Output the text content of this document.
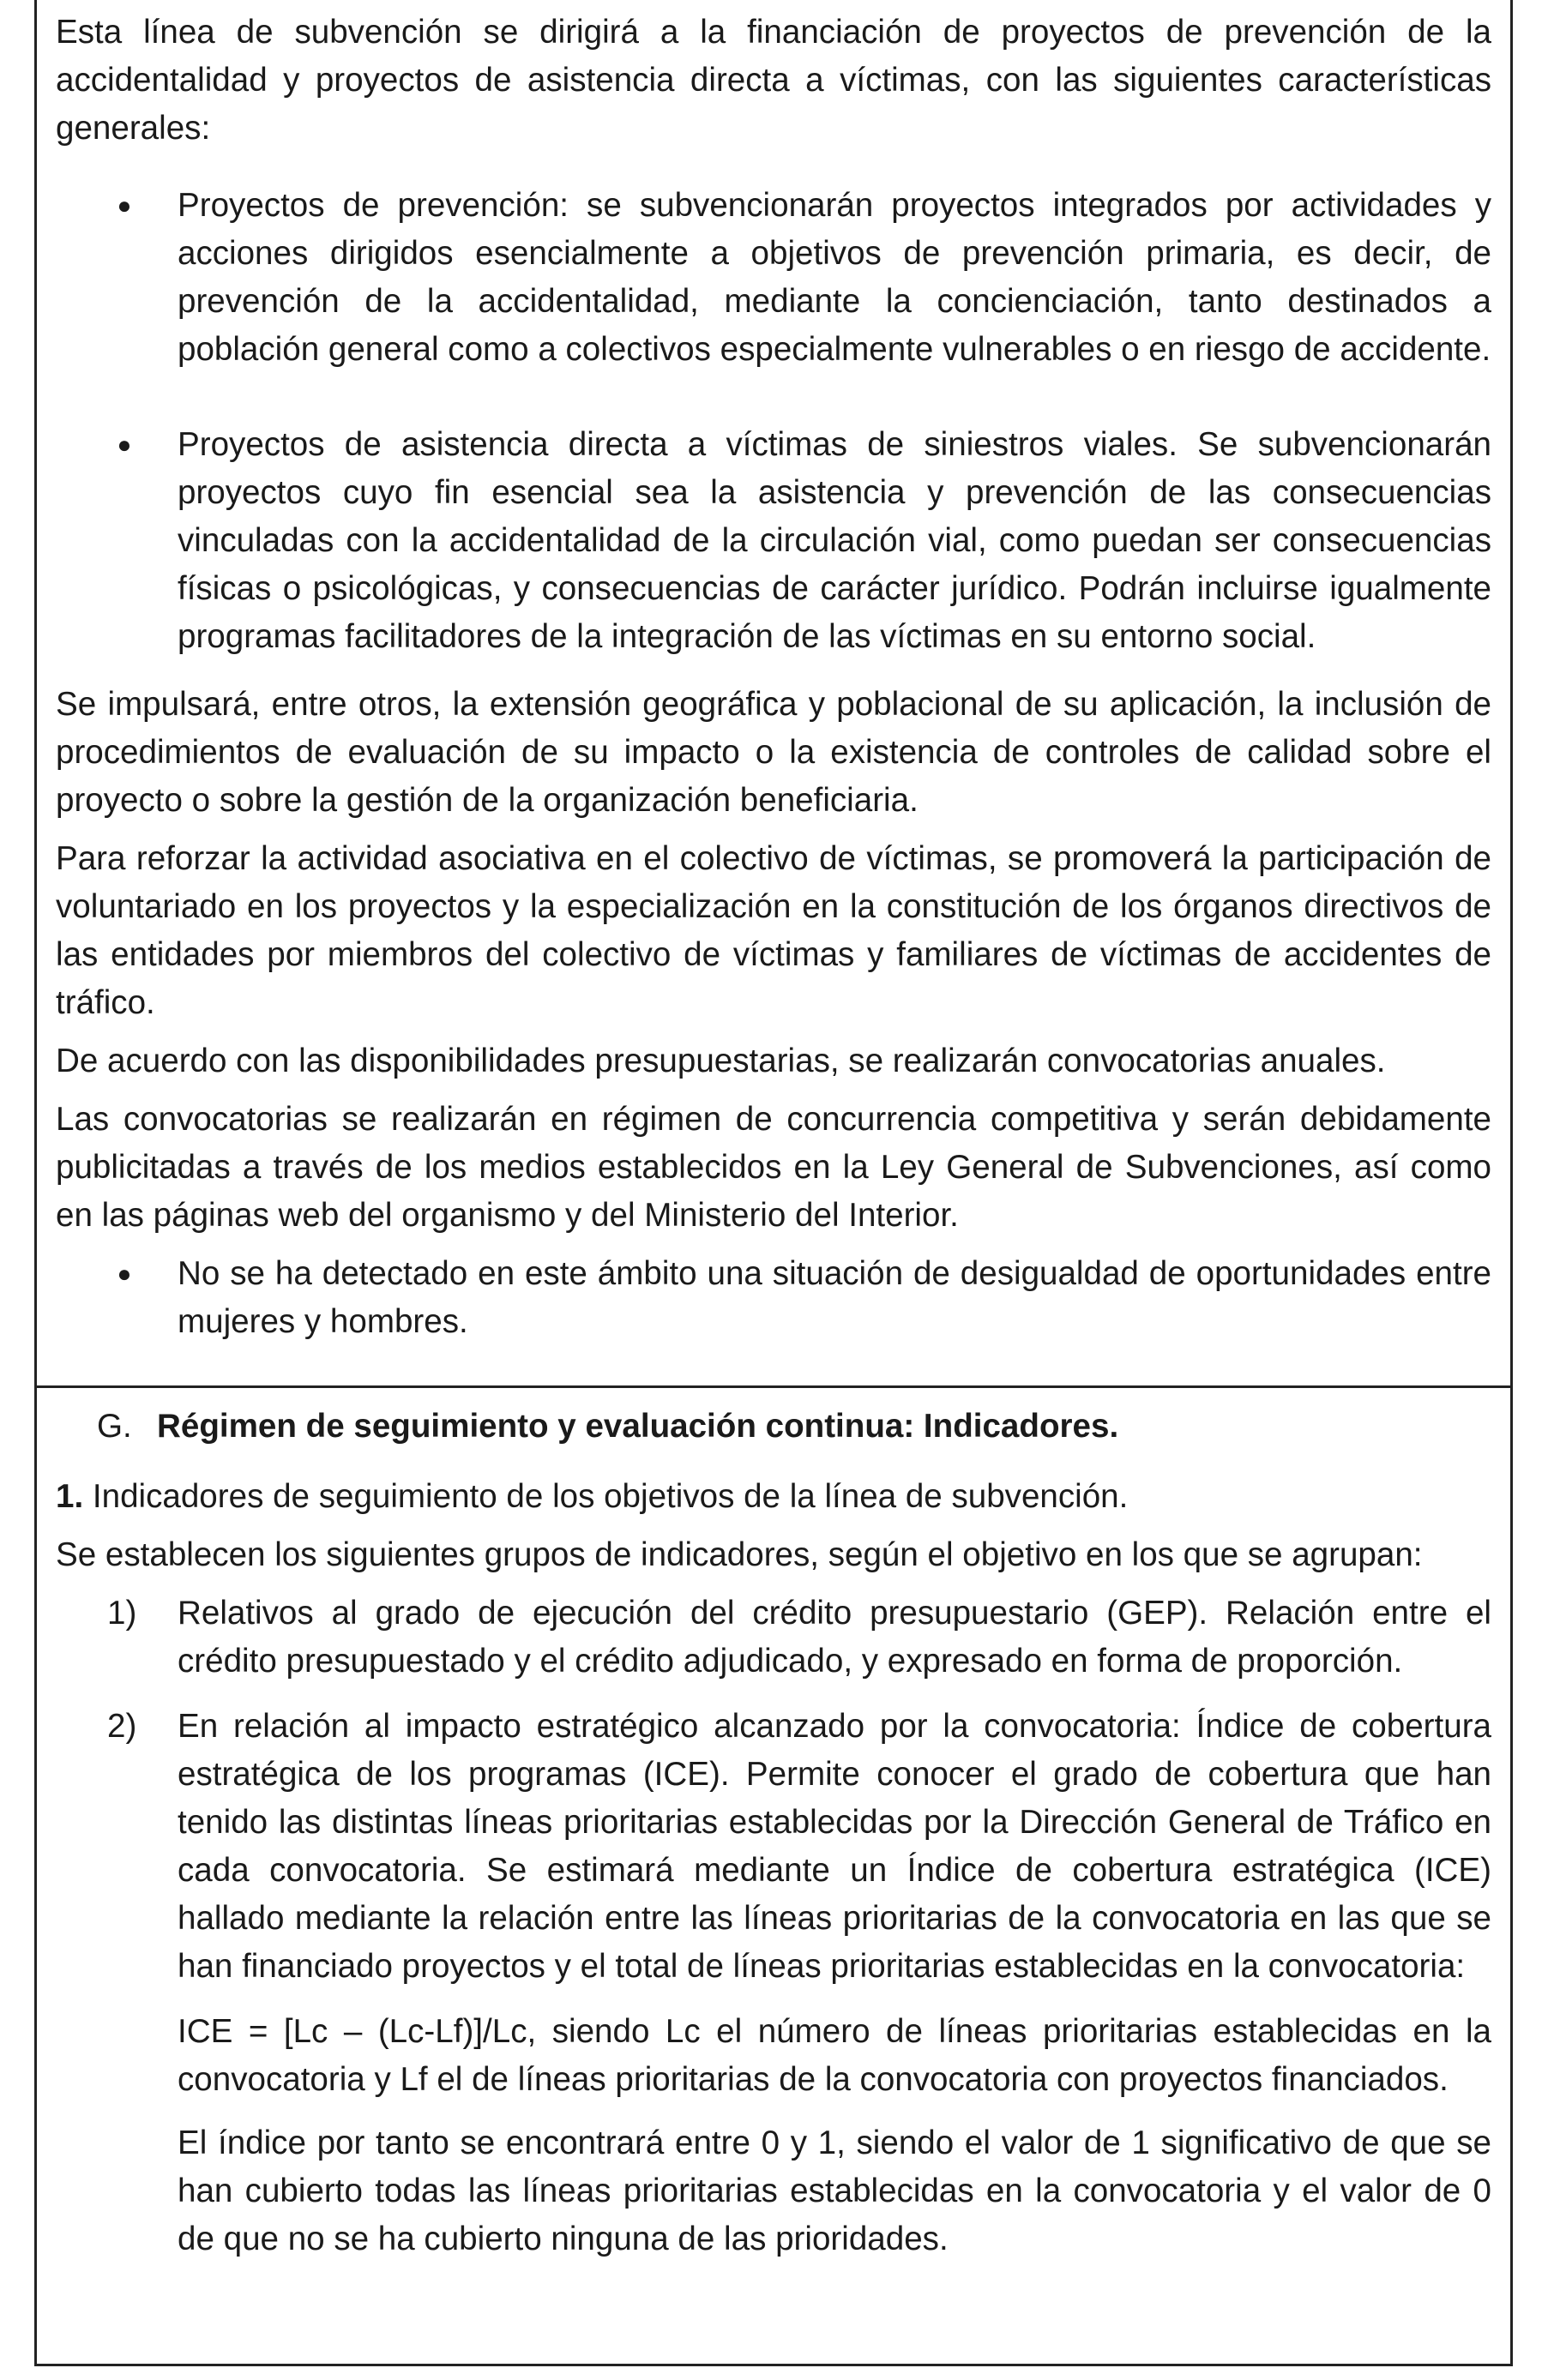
Esta línea de subvención se dirigirá a la financiación de proyectos de prevención de la accidentalidad y proyectos de asistencia directa a víctimas, con las siguientes características generales:

● Proyectos de prevención: se subvencionarán proyectos integrados por actividades y acciones dirigidos esencialmente a objetivos de prevención primaria, es decir, de prevención de la accidentalidad, mediante la concienciación, tanto destinados a población general como a colectivos especialmente vulnerables o en riesgo de accidente.
● Proyectos de asistencia directa a víctimas de siniestros viales. Se subvencionarán proyectos cuyo fin esencial sea la asistencia y prevención de las consecuencias vinculadas con la accidentalidad de la circulación vial, como puedan ser consecuencias físicas o psicológicas, y consecuencias de carácter jurídico. Podrán incluirse igualmente programas facilitadores de la integración de las víctimas en su entorno social.

Se impulsará, entre otros, la extensión geográfica y poblacional de su aplicación, la inclusión de procedimientos de evaluación de su impacto o la existencia de controles de calidad sobre el proyecto o sobre la gestión de la organización beneficiaria.

Para reforzar la actividad asociativa en el colectivo de víctimas, se promoverá la participación de voluntariado en los proyectos y la especialización en la constitución de los órganos directivos de las entidades por miembros del colectivo de víctimas y familiares de víctimas de accidentes de tráfico.

De acuerdo con las disponibilidades presupuestarias, se realizarán convocatorias anuales.

Las convocatorias se realizarán en régimen de concurrencia competitiva y serán debidamente publicitadas a través de los medios establecidos en la Ley General de Subvenciones, así como en las páginas web del organismo y del Ministerio del Interior.

● No se ha detectado en este ámbito una situación de desigualdad de oportunidades entre mujeres y hombres.

G. Régimen de seguimiento y evaluación continua: Indicadores.

1. Indicadores de seguimiento de los objetivos de la línea de subvención.

Se establecen los siguientes grupos de indicadores, según el objetivo en los que se agrupan:

1)	Relativos al grado de ejecución del crédito presupuestario (GEP). Relación entre el crédito presupuestado y el crédito adjudicado, y expresado en forma de proporción.
2)	En relación al impacto estratégico alcanzado por la convocatoria: Índice de cobertura estratégica de los programas (ICE). Permite conocer el grado de cobertura que han tenido las distintas líneas prioritarias establecidas por la Dirección General de Tráfico en cada convocatoria. Se estimará mediante un Índice de cobertura estratégica (ICE) hallado mediante la relación entre las líneas prioritarias de la convocatoria en las que se han financiado proyectos y el total de líneas prioritarias establecidas en la convocatoria:

ICE = [Lc – (Lc-Lf)]/Lc, siendo Lc el número de líneas prioritarias establecidas en la convocatoria y Lf el de líneas prioritarias de la convocatoria con proyectos financiados.

El índice por tanto se encontrará entre 0 y 1, siendo el valor de 1 significativo de que se han cubierto todas las líneas prioritarias establecidas en la convocatoria y el valor de 0 de que no se ha cubierto ninguna de las prioridades.
